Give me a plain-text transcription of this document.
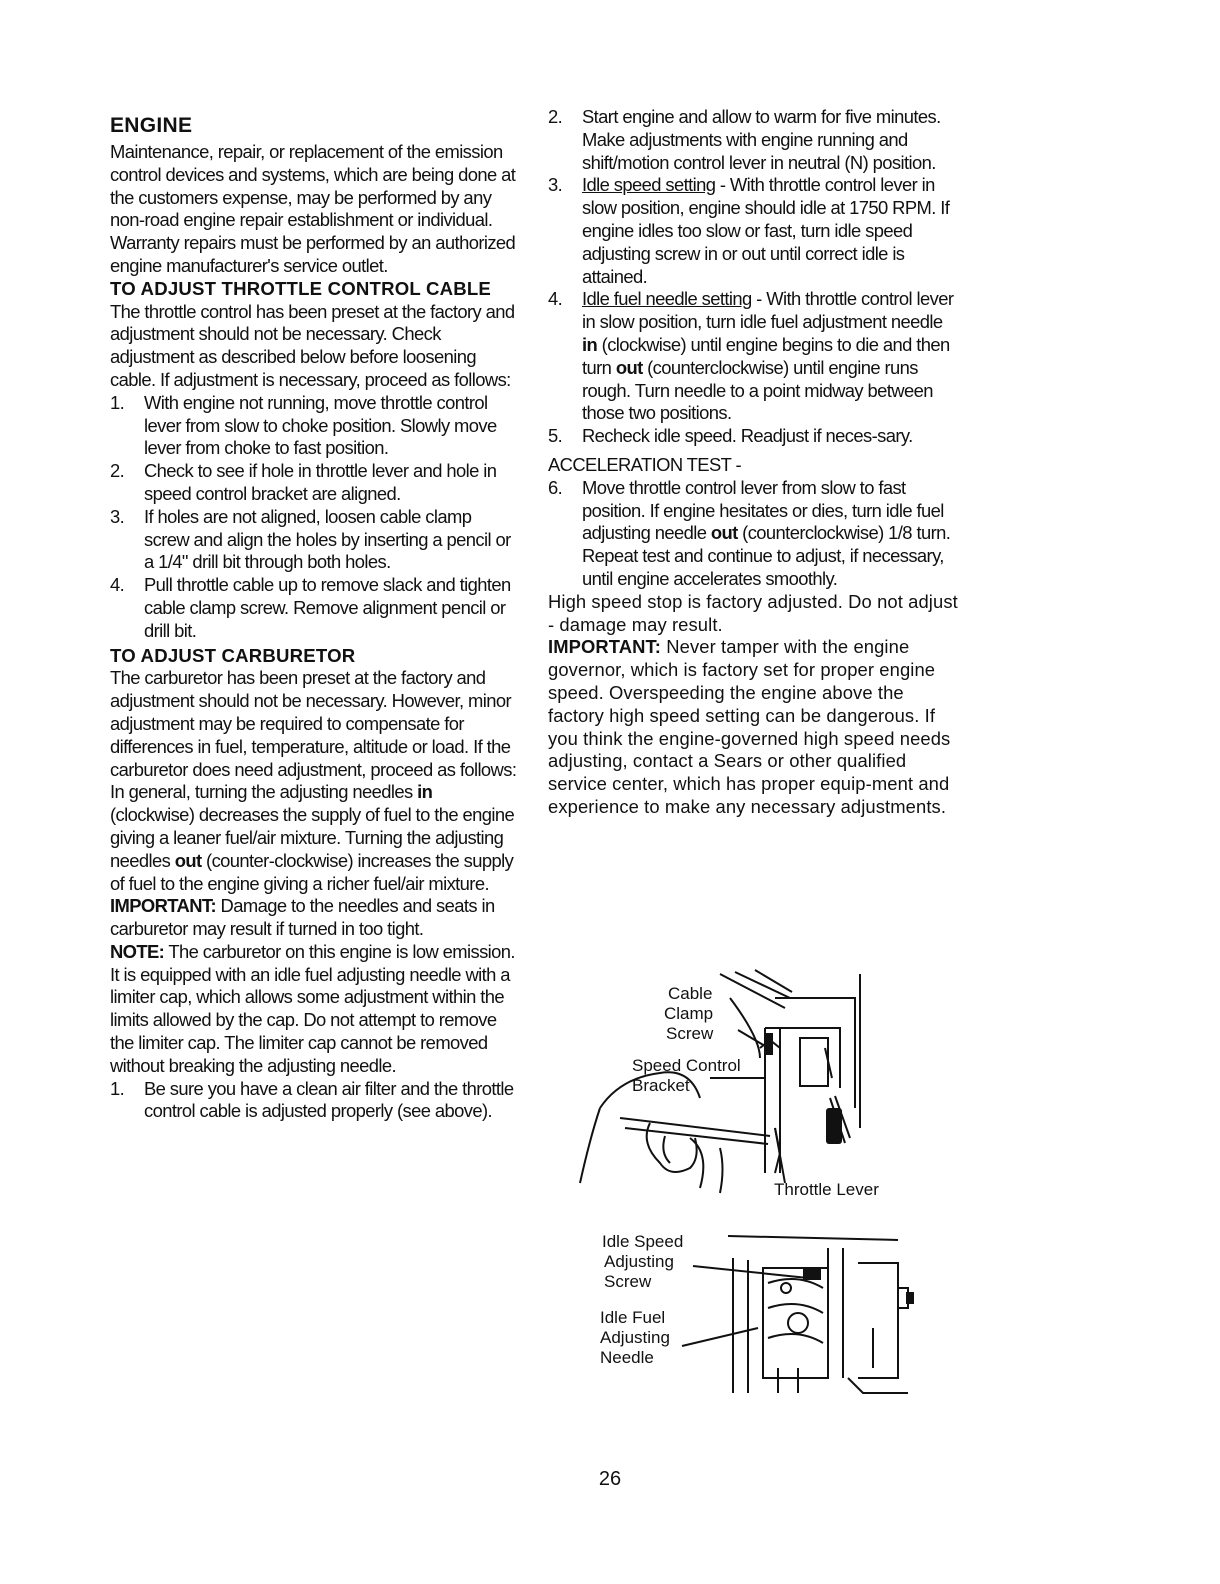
ENGINE

Maintenance, repair, or replacement of the emission control devices and systems, which are being done at the customers expense, may be performed by any non-road engine repair establishment or individual. Warranty repairs must be performed by an authorized engine manufacturer's service outlet.

TO ADJUST THROTTLE CONTROL CABLE

The throttle control has been preset at the factory and adjustment should not be necessary. Check adjustment as described below before loosening cable. If adjustment is necessary, proceed as follows:

1. With engine not running, move throttle control lever from slow to choke position. Slowly move lever from choke to fast position.
2. Check to see if hole in throttle lever and hole in speed control bracket are aligned.
3. If holes are not aligned, loosen cable clamp screw and align the holes by inserting a pencil or a 1/4" drill bit through both holes.
4. Pull throttle cable up to remove slack and tighten cable clamp screw. Remove alignment pencil or drill bit.
TO ADJUST CARBURETOR

The carburetor has been preset at the factory and adjustment should not be necessary. However, minor adjustment may be required to compensate for differences in fuel, temperature, altitude or load. If the carburetor does need adjustment, proceed as follows:

In general, turning the adjusting needles in (clockwise) decreases the supply of fuel to the engine giving a leaner fuel/air mixture. Turning the adjusting needles out (counter-clockwise) increases the supply of fuel to the engine giving a richer fuel/air mixture.

IMPORTANT: Damage to the needles and seats in carburetor may result if turned in too tight.

NOTE: The carburetor on this engine is low emission. It is equipped with an idle fuel adjusting needle with a limiter cap, which allows some adjustment within the limits allowed by the cap. Do not attempt to remove the limiter cap. The limiter cap cannot be removed without breaking the adjusting needle.

1. Be sure you have a clean air filter and the throttle control cable is adjusted properly (see above).
2. Start engine and allow to warm for five minutes. Make adjustments with engine running and shift/motion control lever in neutral (N) position.
3. Idle speed setting - With throttle control lever in slow position, engine should idle at 1750 RPM. If engine idles too slow or fast, turn idle speed adjusting screw in or out until correct idle is attained.
4. Idle fuel needle setting - With throttle control lever in slow position, turn idle fuel adjustment needle in (clockwise) until engine begins to die and then turn out (counterclockwise) until engine runs rough. Turn needle to a point midway between those two positions.
5. Recheck idle speed. Readjust if neces-sary.

ACCELERATION TEST -

6. Move throttle control lever from slow to fast position. If engine hesitates or dies, turn idle fuel adjusting needle out (counterclockwise) 1/8 turn. Repeat test and continue to adjust, if necessary, until engine accelerates smoothly.

High speed stop is factory adjusted. Do not adjust - damage may result.

IMPORTANT: Never tamper with the engine governor, which is factory set for proper engine speed. Overspeeding the engine above the factory high speed setting can be dangerous. If you think the engine-governed high speed needs adjusting, contact a Sears or other qualified service center, which has proper equip-ment and experience to make any necessary adjustments.

Cable
Clamp
Screw
Speed Control
Bracket
Throttle Lever
Idle Speed
Adjusting
Screw
Idle Fuel
Adjusting
Needle
26
